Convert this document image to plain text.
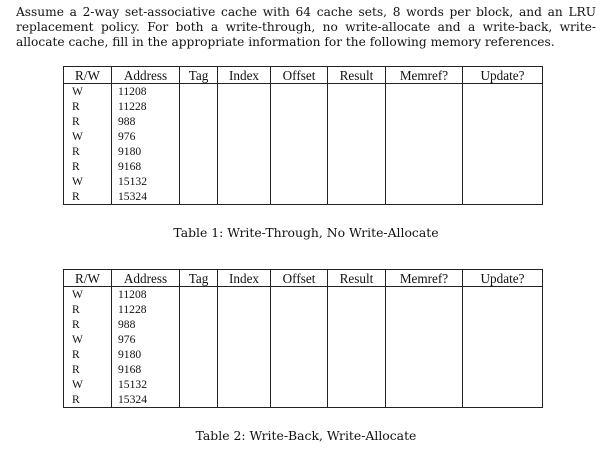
Assume a 2-way set-associative cache with 64 cache sets, 8 words per block, and an LRU replacement policy. For both a write-through, no write-allocate and a write-back, write-allocate cache, fill in the appropriate information for the following memory references.

R/W	Address	Tag	Index	Offset	Result	Memref?	Update?
W	11208						
R	11228						
R	988						
W	976						
R	9180						
R	9168						
W	15132						
R	15324						
Table 1: Write-Through, No Write-Allocate
R/W	Address	Tag	Index	Offset	Result	Memref?	Update?
W	11208						
R	11228						
R	988						
W	976						
R	9180						
R	9168						
W	15132						
R	15324						
Table 2: Write-Back, Write-Allocate
